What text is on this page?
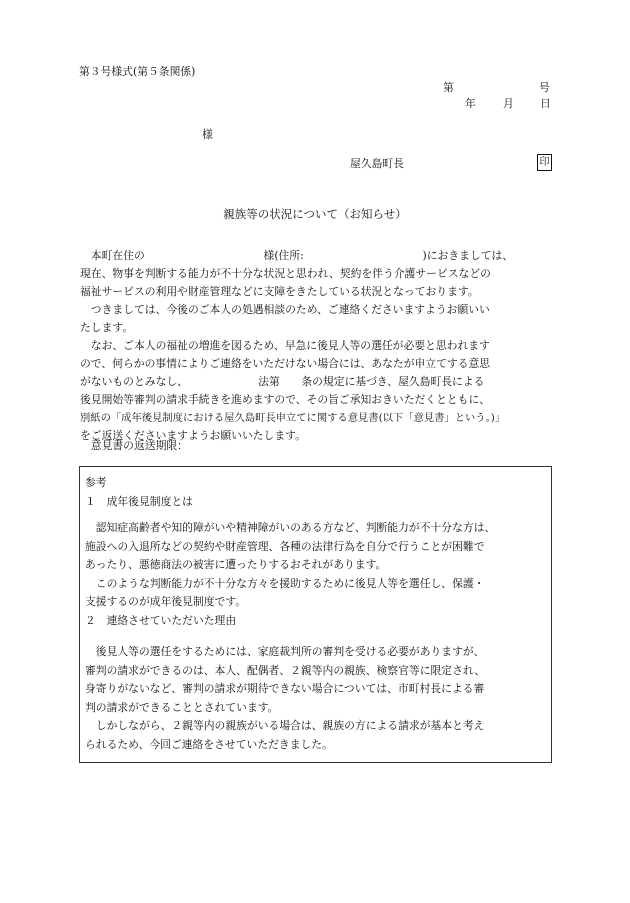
第３号様式(第５条関係)
第	号
年	月 日
様
屋久島町長	印
親族等の状況について（お知らせ）
　本町在住の　　　　　　　　　　　様(住所:　　　　　　　　　　　)におきましては、
現在、物事を判断する能力が不十分な状況と思われ、契約を伴う介護サービスなどの
福祉サービスの利用や財産管理などに支障をきたしている状況となっております。
　つきましては、今後のご本人の処遇相談のため、ご連絡くださいますようお願いい
たします。
　なお、ご本人の福祉の増進を図るため、早急に後見人等の選任が必要と思われます
ので、何らかの事情によりご連絡をいただけない場合には、あなたが申立てする意思
がないものとみなし、　　　　　　　法第　　条の規定に基づき、屋久島町長による
後見開始等審判の請求手続きを進めますので、その旨ご承知おきいただくとともに、
別紙の「成年後見制度における屋久島町長申立てに関する意見書(以下「意見書」という。)」
をご返送くださいますようお願いいたします。
　意見書の返送期限：
参考
１　成年後見制度とは
　認知症高齢者や知的障がいや精神障がいのある方など、判断能力が不十分な方は、
施設への入退所などの契約や財産管理、各種の法律行為を自分で行うことが困難で
あったり、悪徳商法の被害に遭ったりするおそれがあります。
　このような判断能力が不十分な方々を援助するために後見人等を選任し、保護・
支援するのが成年後見制度です。
２　連絡させていただいた理由
　後見人等の選任をするためには、家庭裁判所の審判を受ける必要がありますが、
審判の請求ができるのは、本人、配偶者、２親等内の親族、検察官等に限定され、
身寄りがないなど、審判の請求が期待できない場合については、市町村長による審
判の請求ができることとされています。
　しかしながら、２親等内の親族がいる場合は、親族の方による請求が基本と考え
られるため、今回ご連絡をさせていただきました。
